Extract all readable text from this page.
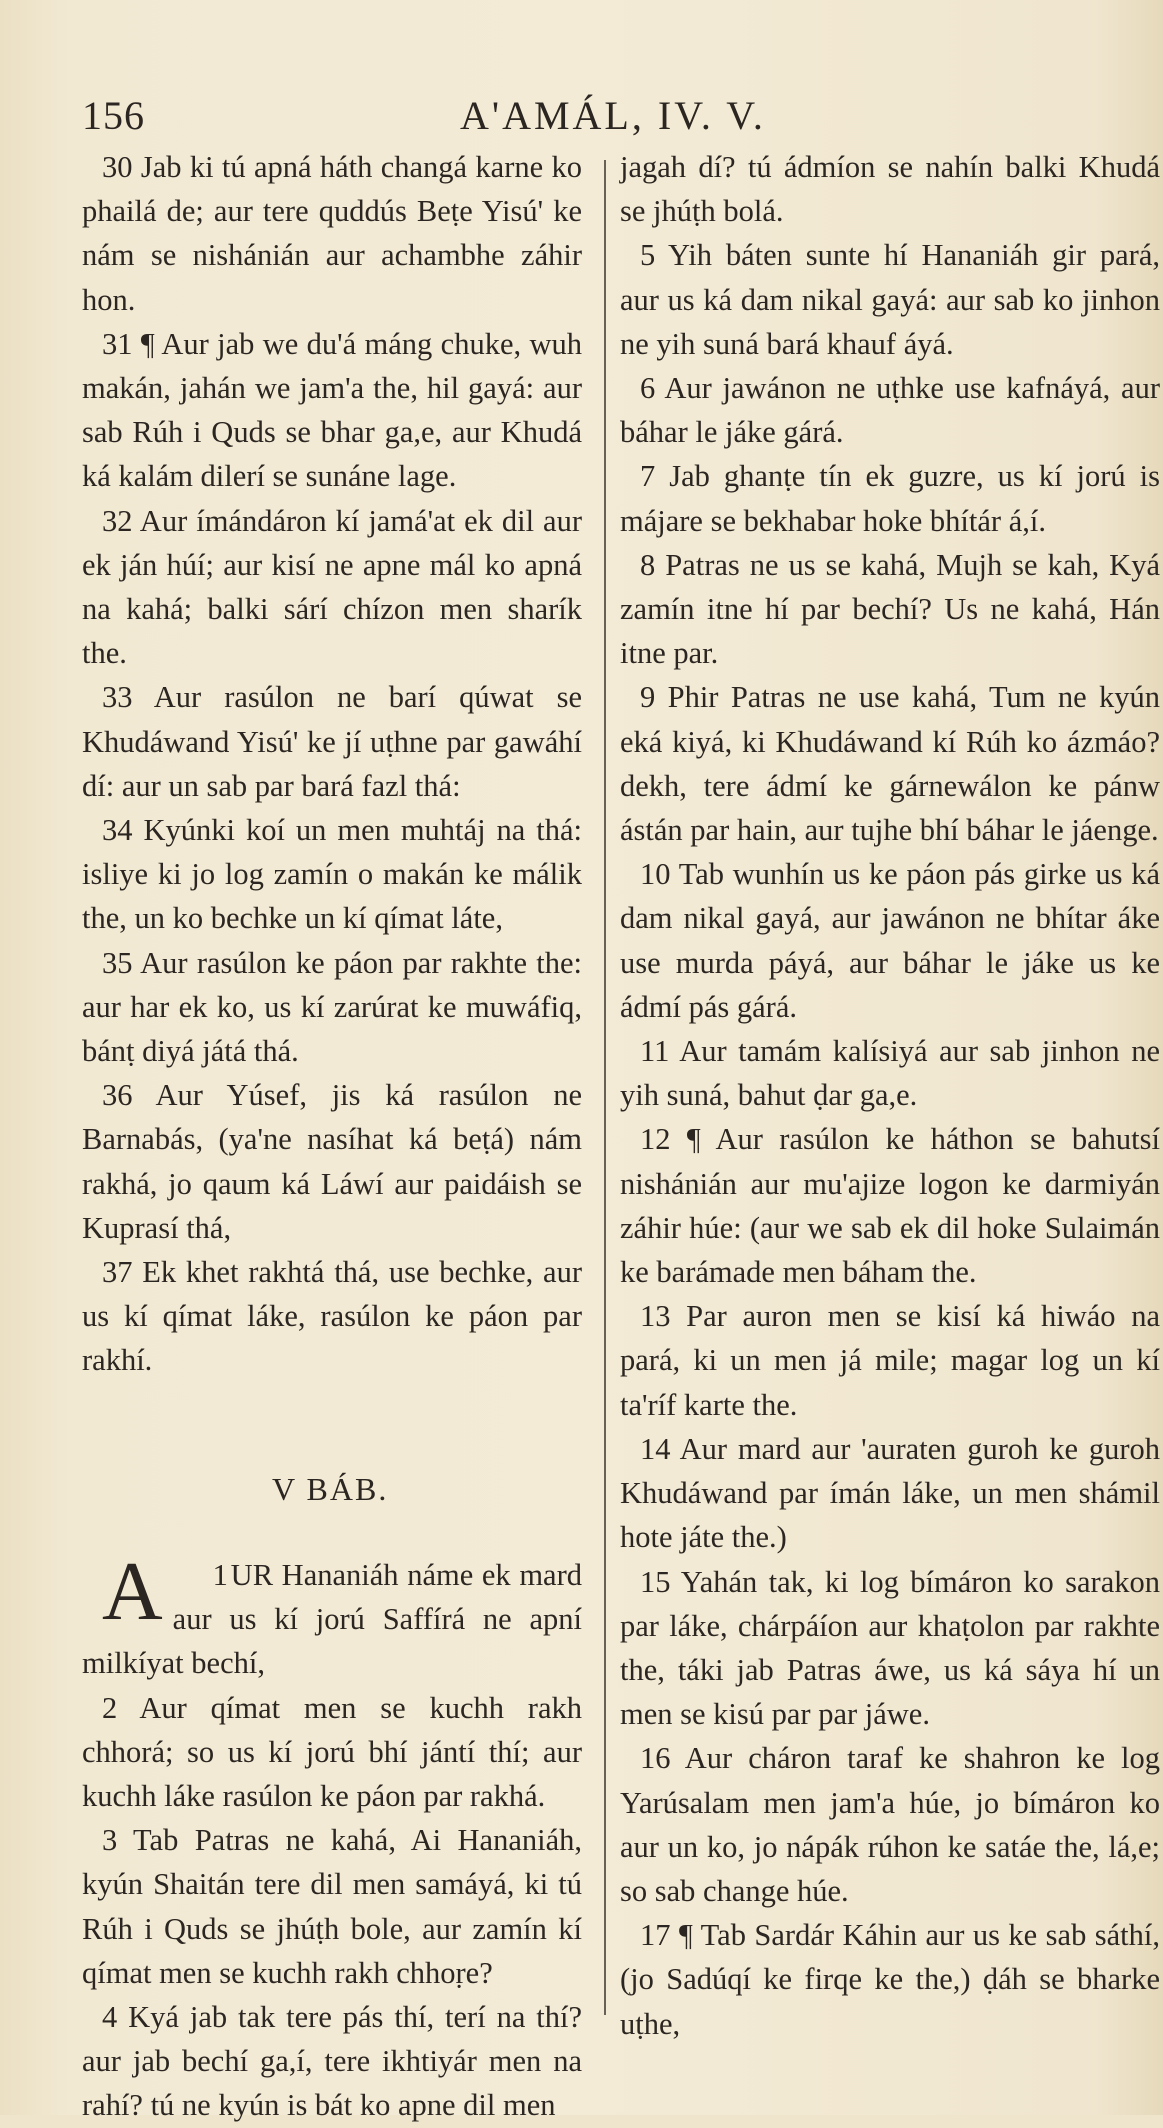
156	A'AMÁL, IV. V.

30 Jab ki tú apná háth changá karne ko phailá de; aur tere quddús Beṭe Yisú' ke nám se nishánián aur achambhe záhir hon.

31 ¶ Aur jab we du'á máng chuke, wuh makán, jahán we jam'a the, hil gayá: aur sab Rúh i Quds se bhar ga,e, aur Khudá ká kalám dilerí se sunáne lage.

32 Aur ímándáron kí jamá'at ek dil aur ek ján húí; aur kisí ne apne mál ko apná na kahá; balki sárí chízon men sharík the.

33 Aur rasúlon ne barí qúwat se Khudáwand Yisú' ke jí uṭhne par gawáhí dí: aur un sab par bará fazl thá:

34 Kyúnki koí un men muhtáj na thá: isliye ki jo log zamín o makán ke málik the, un ko bechke un kí qímat láte,

35 Aur rasúlon ke páon par rakhte the: aur har ek ko, us kí zarúrat ke muwáfiq, bánṭ diyá játá thá.

36 Aur Yúsef, jis ká rasúlon ne Barnabás, (ya'ne nasíhat ká beṭá) nám rakhá, jo qaum ká Láwí aur paidáish se Kuprasí thá,

37 Ek khet rakhtá thá, use bechke, aur us kí qímat láke, rasúlon ke páon par rakhí.

V BÁB.

1
A UR Hananiáh náme ek mard aur us kí jorú Saffírá ne apní milkíyat bechí,

2 Aur qímat men se kuchh rakh chhorá; so us kí jorú bhí jántí thí; aur kuchh láke rasúlon ke páon par rakhá.

3 Tab Patras ne kahá, Ai Hananiáh, kyún Shaitán tere dil men samáyá, ki tú Rúh i Quds se jhúṭh bole, aur zamín kí qímat men se kuchh rakh chhoṛe?

4 Kyá jab tak tere pás thí, terí na thí? aur jab bechí ga,í, tere ikhtiyár men na rahí? tú ne kyún is bát ko apne dil men

jagah dí? tú ádmíon se nahín balki Khudá se jhúṭh bolá.

5 Yih báten sunte hí Hananiáh gir pará, aur us ká dam nikal gayá: aur sab ko jinhon ne yih suná bará khauf áyá.

6 Aur jawánon ne uṭhke use kafnáyá, aur báhar le jáke gárá.

7 Jab ghanṭe tín ek guzre, us kí jorú is májare se bekhabar hoke bhítár á,í.

8 Patras ne us se kahá, Mujh se kah, Kyá zamín itne hí par bechí? Us ne kahá, Hán itne par.

9 Phir Patras ne use kahá, Tum ne kyún eká kiyá, ki Khudáwand kí Rúh ko ázmáo? dekh, tere ádmí ke gárnewálon ke pánw ástán par hain, aur tujhe bhí báhar le jáenge.

10 Tab wunhín us ke páon pás girke us ká dam nikal gayá, aur jawánon ne bhítar áke use murda páyá, aur báhar le jáke us ke ádmí pás gárá.

11 Aur tamám kalísiyá aur sab jinhon ne yih suná, bahut ḍar ga,e.

12 ¶ Aur rasúlon ke háthon se bahutsí nishánián aur mu'ajize logon ke darmiyán záhir húe: (aur we sab ek dil hoke Sulaimán ke barámade men báham the.

13 Par auron men se kisí ká hiwáo na pará, ki un men já mile; magar log un kí ta'ríf karte the.

14 Aur mard aur 'auraten guroh ke guroh Khudáwand par ímán láke, un men shámil hote játe the.)

15 Yahán tak, ki log bímáron ko sarakon par láke, chárpáíon aur khaṭolon par rakhte the, táki jab Patras áwe, us ká sáya hí un men se kisú par par jáwe.

16 Aur cháron taraf ke shahron ke log Yarúsalam men jam'a húe, jo bímáron ko aur un ko, jo nápák rúhon ke satáe the, lá,e; so sab change húe.

17 ¶ Tab Sardár Káhin aur us ke sab sáthí, (jo Sadúqí ke firqe ke the,) ḍáh se bharke uṭhe,
